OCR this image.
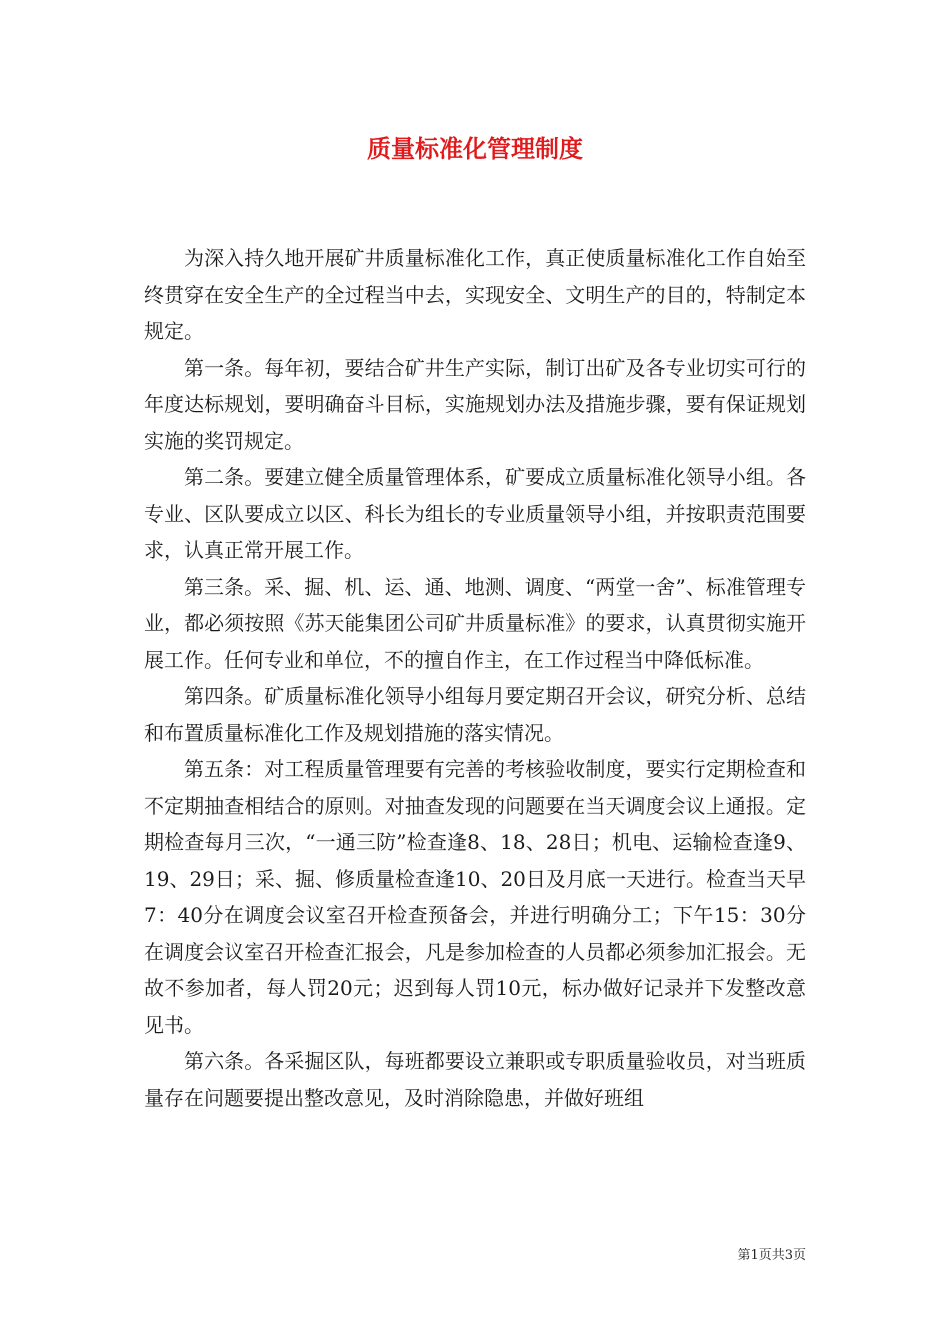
质量标准化管理制度

为深入持久地开展矿井质量标准化工作，真正使质量标准化工作自始至终贯穿在安全生产的全过程当中去，实现安全、文明生产的目的，特制定本规定。

第一条。每年初，要结合矿井生产实际，制订出矿及各专业切实可行的年度达标规划，要明确奋斗目标，实施规划办法及措施步骤，要有保证规划实施的奖罚规定。

第二条。要建立健全质量管理体系，矿要成立质量标准化领导小组。各专业、区队要成立以区、科长为组长的专业质量领导小组，并按职责范围要求，认真正常开展工作。

第三条。采、掘、机、运、通、地测、调度、“两堂一舍”、标准管理专业，都必须按照《苏天能集团公司矿井质量标准》的要求，认真贯彻实施开展工作。任何专业和单位，不的擅自作主，在工作过程当中降低标准。

第四条。矿质量标准化领导小组每月要定期召开会议，研究分析、总结和布置质量标准化工作及规划措施的落实情况。

第五条：对工程质量管理要有完善的考核验收制度，要实行定期检查和不定期抽查相结合的原则。对抽查发现的问题要在当天调度会议上通报。定期检查每月三次，“一通三防”检查逢8、18、28日；机电、运输检查逢9、19、29日；采、掘、修质量检查逢10、20日及月底一天进行。检查当天早7：40分在调度会议室召开检查预备会，并进行明确分工；下午15：30分在调度会议室召开检查汇报会，凡是参加检查的人员都必须参加汇报会。无故不参加者，每人罚20元；迟到每人罚10元，标办做好记录并下发整改意见书。

第六条。各采掘区队，每班都要设立兼职或专职质量验收员，对当班质量存在问题要提出整改意见，及时消除隐患，并做好班组

第1页共3页
